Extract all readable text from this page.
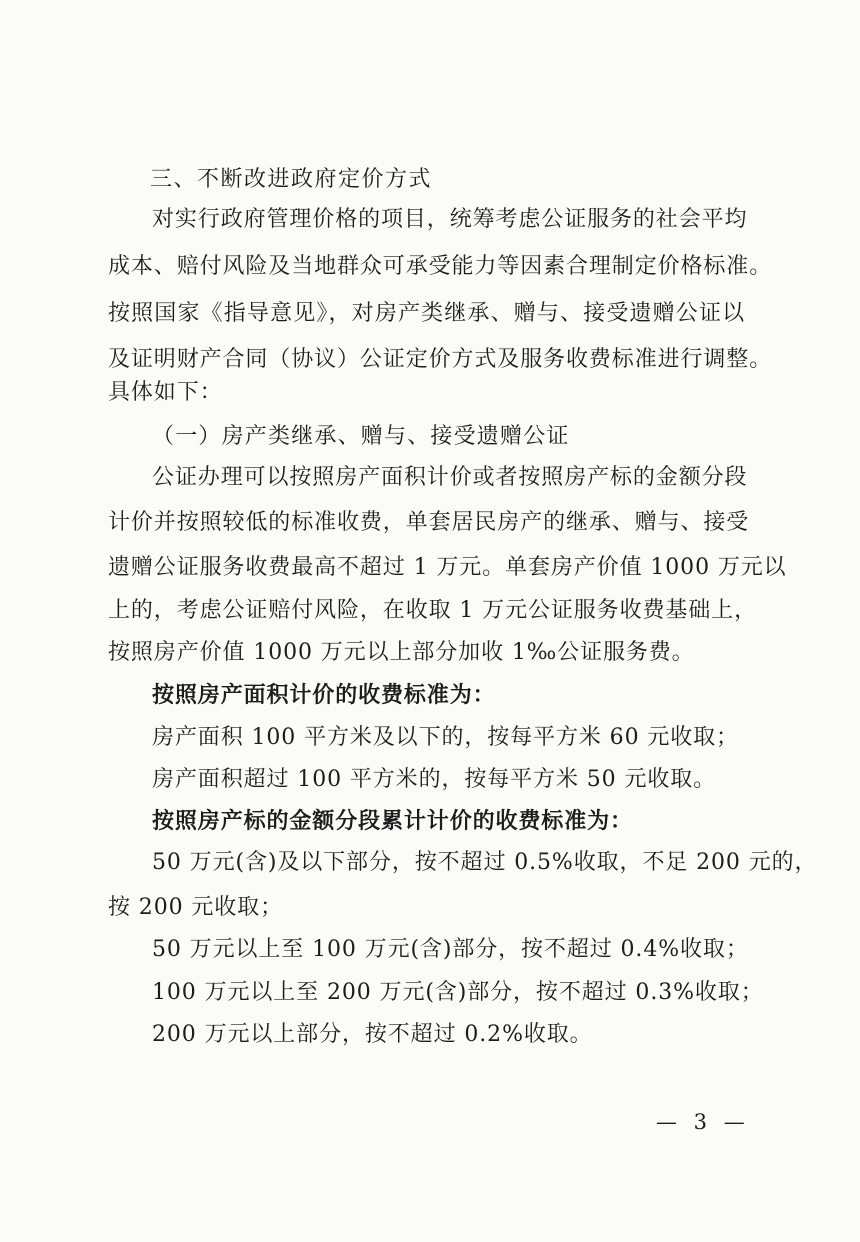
三、不断改进政府定价方式
对实行政府管理价格的项目，统筹考虑公证服务的社会平均
成本、赔付风险及当地群众可承受能力等因素合理制定价格标准。
按照国家《指导意见》，对房产类继承、赠与、接受遗赠公证以
及证明财产合同（协议）公证定价方式及服务收费标准进行调整。
具体如下：
（一）房产类继承、赠与、接受遗赠公证
公证办理可以按照房产面积计价或者按照房产标的金额分段
计价并按照较低的标准收费，单套居民房产的继承、赠与、接受
遗赠公证服务收费最高不超过 1 万元。单套房产价值 1000 万元以
上的，考虑公证赔付风险，在收取 1 万元公证服务收费基础上，
按照房产价值 1000 万元以上部分加收 1‰公证服务费。
按照房产面积计价的收费标准为：
房产面积 100 平方米及以下的，按每平方米 60 元收取；
房产面积超过 100 平方米的，按每平方米 50 元收取。
按照房产标的金额分段累计计价的收费标准为：
50 万元(含)及以下部分，按不超过 0.5%收取，不足 200 元的，
按 200 元收取；
50 万元以上至 100 万元(含)部分，按不超过 0.4%收取；
100 万元以上至 200 万元(含)部分，按不超过 0.3%收取；
200 万元以上部分，按不超过 0.2%收取。
— 3 —
